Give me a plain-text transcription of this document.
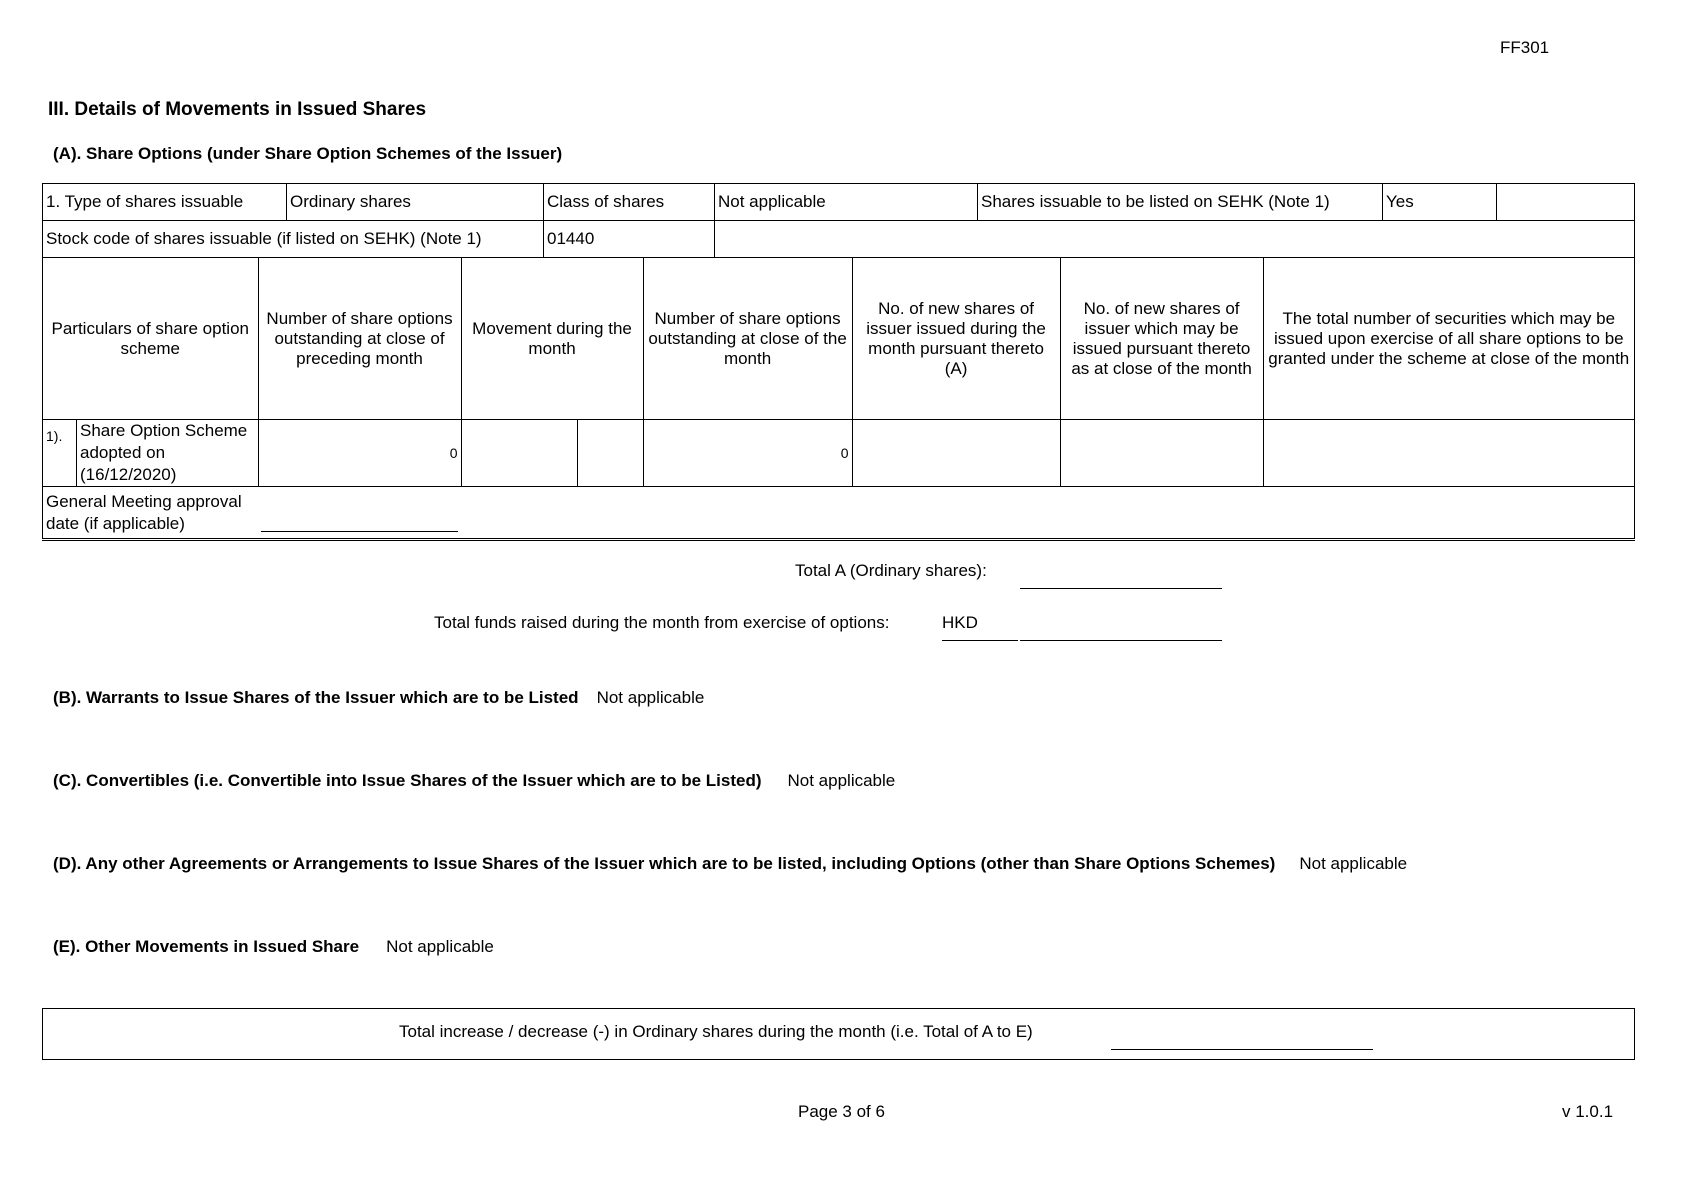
FF301
III. Details of Movements in Issued Shares
(A). Share Options (under Share Option Schemes of the Issuer)
1. Type of shares issuable	Ordinary shares	Class of shares	Not applicable	Shares issuable to be listed on SEHK (Note 1)	Yes	
Stock code of shares issuable (if listed on SEHK) (Note 1)		01440				
Particulars of share option scheme		Number of share options outstanding at close of preceding month	Movement during the month		Number of share options outstanding at close of the month	No. of new shares of issuer issued during the month pursuant thereto (A)	No. of new shares of issuer which may be issued pursuant thereto as at close of the month	The total number of securities which may be issued upon exercise of all share options to be granted under the scheme at close of the month
1).	Share Option Scheme adopted on (16/12/2020)	0			0			
General Meeting approval date (if applicable)							

Total A (Ordinary shares):
Total funds raised during the month from exercise of options:	HKD
(B). Warrants to Issue Shares of the Issuer which are to be Listed Not applicable
(C). Convertibles (i.e. Convertible into Issue Shares of the Issuer which are to be Listed) Not applicable
(D). Any other Agreements or Arrangements to Issue Shares of the Issuer which are to be listed, including Options (other than Share Options Schemes) Not applicable
(E). Other Movements in Issued Share Not applicable
Total increase / decrease (-) in Ordinary shares during the month (i.e. Total of A to E)
Page 3 of 6	v 1.0.1
